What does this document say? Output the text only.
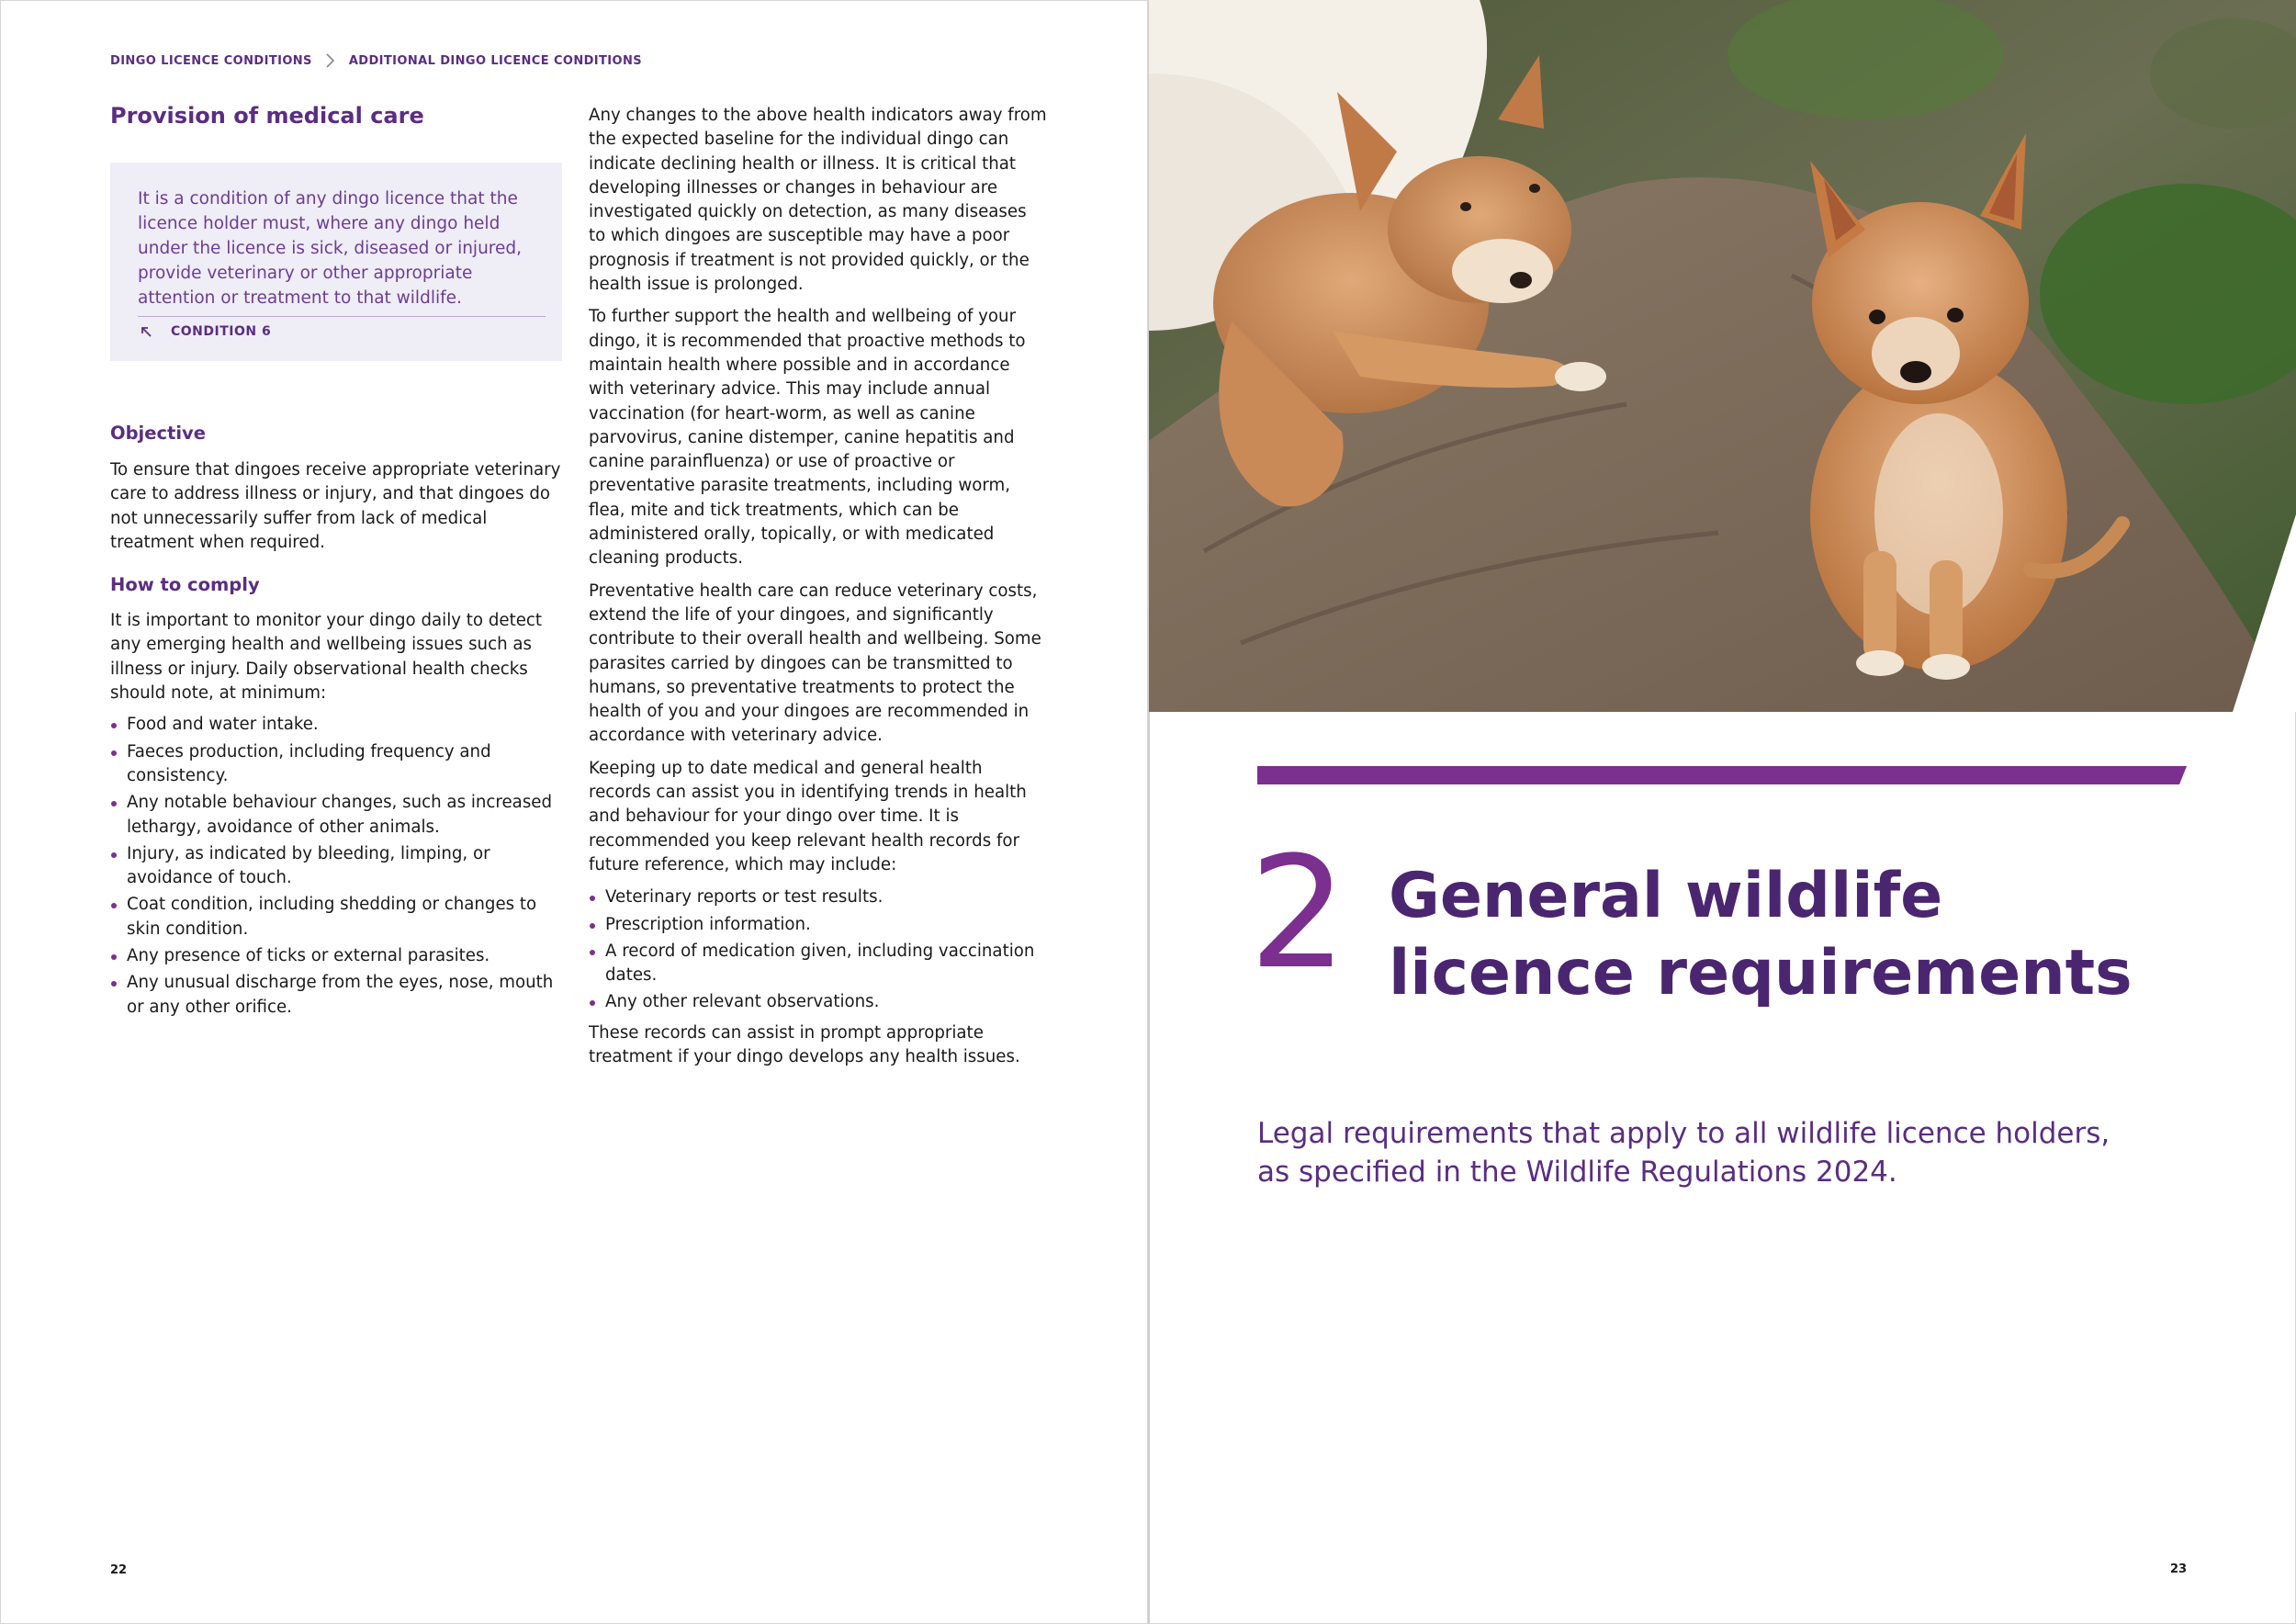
DINGO LICENCE CONDITIONS	ADDITIONAL DINGO LICENCE CONDITIONS
Provision of medical care

It is a condition of any dingo licence that the licence holder must, where any dingo held under the licence is sick, diseased or injured, provide veterinary or other appropriate attention or treatment to that wildlife.

CONDITION 6
Objective

To ensure that dingoes receive appropriate veterinary care to address illness or injury, and that dingoes do not unnecessarily suffer from lack of medical treatment when required.

How to comply

It is important to monitor your dingo daily to detect any emerging health and wellbeing issues such as illness or injury. Daily observational health checks should note, at minimum:

Food and water intake.
Faeces production, including frequency and consistency.
Any notable behaviour changes, such as increased lethargy, avoidance of other animals.
Injury, as indicated by bleeding, limping, or avoidance of touch.
Coat condition, including shedding or changes to skin condition.
Any presence of ticks or external parasites.
Any unusual discharge from the eyes, nose, mouth or any other orifice.

Any changes to the above health indicators away from the expected baseline for the individual dingo can indicate declining health or illness. It is critical that developing illnesses or changes in behaviour are investigated quickly on detection, as many diseases to which dingoes are susceptible may have a poor prognosis if treatment is not provided quickly, or the health issue is prolonged.

To further support the health and wellbeing of your dingo, it is recommended that proactive methods to maintain health where possible and in accordance with veterinary advice. This may include annual vaccination (for heart-worm, as well as canine parvovirus, canine distemper, canine hepatitis and canine parainfluenza) or use of proactive or preventative parasite treatments, including worm, flea, mite and tick treatments, which can be administered orally, topically, or with medicated cleaning products.

Preventative health care can reduce veterinary costs, extend the life of your dingoes, and significantly contribute to their overall health and wellbeing. Some parasites carried by dingoes can be transmitted to humans, so preventative treatments to protect the health of you and your dingoes are recommended in accordance with veterinary advice.

Keeping up to date medical and general health records can assist you in identifying trends in health and behaviour for your dingo over time. It is recommended you keep relevant health records for future reference, which may include:

Veterinary reports or test results.
Prescription information.
A record of medication given, including vaccination dates.
Any other relevant observations.

These records can assist in prompt appropriate treatment if your dingo develops any health issues.

22
2 General wildlife licence requirements

Legal requirements that apply to all wildlife licence holders, as specified in the Wildlife Regulations 2024.

23
